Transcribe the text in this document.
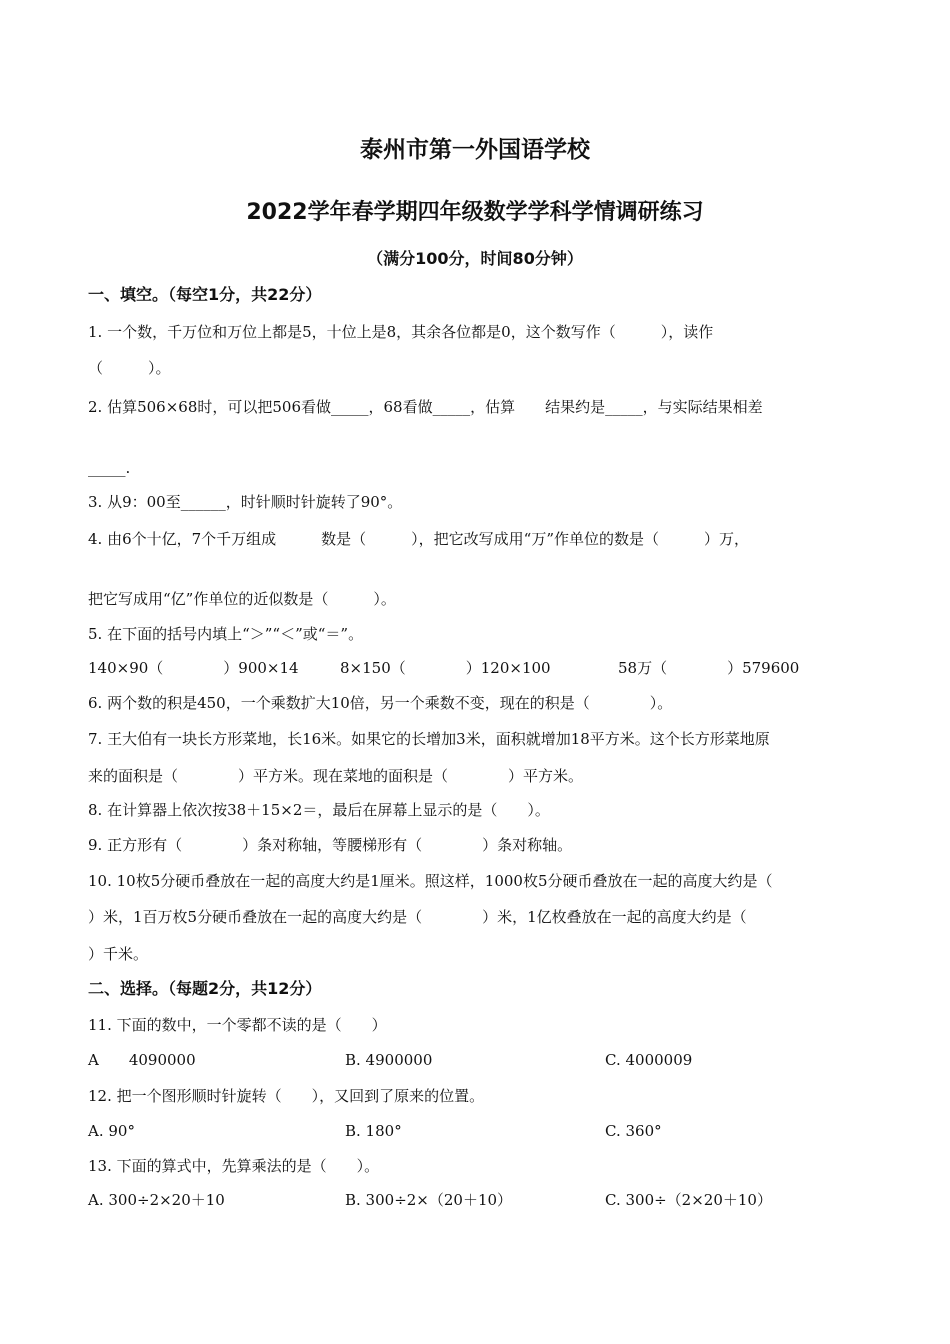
泰州市第一外国语学校
2022学年春学期四年级数学学科学情调研练习
（满分100分，时间80分钟）
一、填空。（每空1分，共22分）
1. 一个数，千万位和万位上都是5，十位上是8，其余各位都是0，这个数写作（　　　），读作
（　　　）。
2. 估算506×68时，可以把506看做_____，68看做_____，估算　　结果约是_____，与实际结果相差
_____.
3. 从9：00至______，时针顺时针旋转了90°。
4. 由6个十亿，7个千万组成　　　数是（　　　），把它改写成用“万”作单位的数是（　　　）万，
把它写成用“亿”作单位的近似数是（　　　）。
5. 在下面的括号内填上“＞”“＜”或“＝”。
140×90（　　　　）900×14	8×150（　　　　）120×100	58万（　　　　）579600
6. 两个数的积是450，一个乘数扩大10倍，另一个乘数不变，现在的积是（　　　　）。
7. 王大伯有一块长方形菜地，长16米。如果它的长增加3米，面积就增加18平方米。这个长方形菜地原
来的面积是（　　　　）平方米。现在菜地的面积是（　　　　）平方米。
8. 在计算器上依次按38＋15×2＝，最后在屏幕上显示的是（　　）。
9. 正方形有（　　　　）条对称轴，等腰梯形有（　　　　）条对称轴。
10. 10枚5分硬币叠放在一起的高度大约是1厘米。照这样，1000枚5分硬币叠放在一起的高度大约是（
）米，1百万枚5分硬币叠放在一起的高度大约是（　　　　）米，1亿枚叠放在一起的高度大约是（
）千米。
二、选择。（每题2分，共12分）
11. 下面的数中，一个零都不读的是（　　）
A　　4090000	B. 4900000	C. 4000009
12. 把一个图形顺时针旋转（　　），又回到了原来的位置。
A. 90°	B. 180°	C. 360°
13. 下面的算式中，先算乘法的是（　　）。
A. 300÷2×20＋10	B. 300÷2×（20＋10）	C. 300÷（2×20＋10）
